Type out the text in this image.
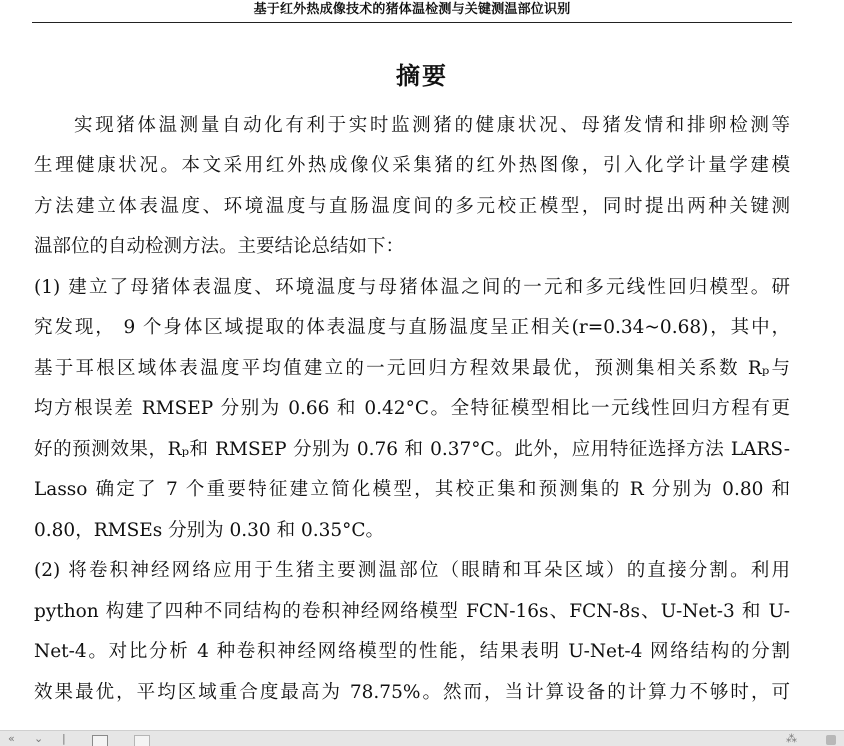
基于红外热成像技术的猪体温检测与关键测温部位识别
摘要
实现猪体温测量自动化有利于实时监测猪的健康状况、母猪发情和排卵检测等
生理健康状况。本文采用红外热成像仪采集猪的红外热图像，引入化学计量学建模
方法建立体表温度、环境温度与直肠温度间的多元校正模型，同时提出两种关键测
温部位的自动检测方法。主要结论总结如下：
(1) 建立了母猪体表温度、环境温度与母猪体温之间的一元和多元线性回归模型。研
究发现， 9 个身体区域提取的体表温度与直肠温度呈正相关(r=0.34~0.68)，其中，
基于耳根区域体表温度平均值建立的一元回归方程效果最优，预测集相关系数 Rₚ与
均方根误差 RMSEP 分别为 0.66 和 0.42°C。全特征模型相比一元线性回归方程有更
好的预测效果，Rₚ和 RMSEP 分别为 0.76 和 0.37°C。此外，应用特征选择方法 LARS-
Lasso 确定了 7 个重要特征建立简化模型，其校正集和预测集的 R 分别为 0.80 和
0.80，RMSEs 分别为 0.30 和 0.35°C。
(2) 将卷积神经网络应用于生猪主要测温部位（眼睛和耳朵区域）的直接分割。利用
python 构建了四种不同结构的卷积神经网络模型 FCN-16s、FCN-8s、U-Net-3 和 U-
Net-4。对比分析 4 种卷积神经网络模型的性能，结果表明 U-Net-4 网络结构的分割
效果最优，平均区域重合度最高为 78.75%。然而，当计算设备的计算力不够时，可
« ⌄ |	⁂
